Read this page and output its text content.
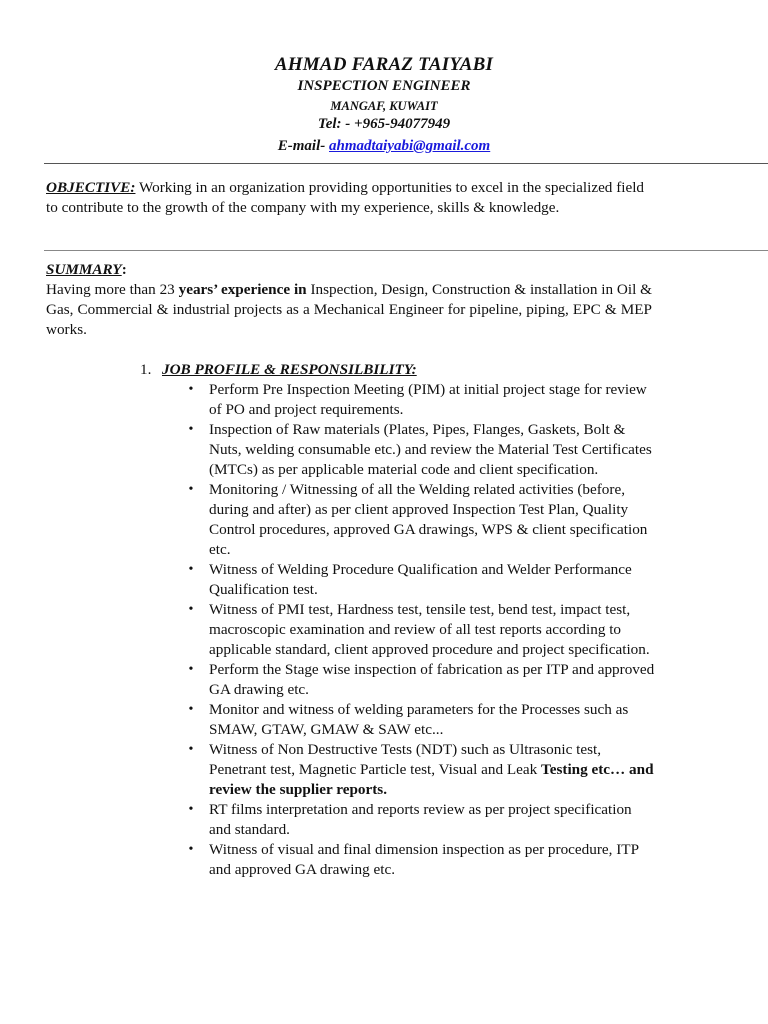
AHMAD FARAZ TAIYABI
INSPECTION ENGINEER
MANGAF, KUWAIT
Tel: - +965-94077949
E-mail- ahmadtaiyabi@gmail.com
OBJECTIVE: Working in an organization providing opportunities to excel in the specialized field to contribute to the growth of the company with my experience, skills & knowledge.
SUMMARY:
Having more than 23 years’ experience in Inspection, Design, Construction & installation in Oil & Gas, Commercial & industrial projects as a Mechanical Engineer for pipeline, piping, EPC & MEP works.
1. JOB PROFILE & RESPONSILBILITY:
• Perform Pre Inspection Meeting (PIM) at initial project stage for review of PO and project requirements.
• Inspection of Raw materials (Plates, Pipes, Flanges, Gaskets, Bolt & Nuts, welding consumable etc.) and review the Material Test Certificates (MTCs) as per applicable material code and client specification.
• Monitoring / Witnessing of all the Welding related activities (before, during and after) as per client approved Inspection Test Plan, Quality Control procedures, approved GA drawings, WPS & client specification etc.
• Witness of Welding Procedure Qualification and Welder Performance Qualification test.
• Witness of PMI test, Hardness test, tensile test, bend test, impact test, macroscopic examination and review of all test reports according to applicable standard, client approved procedure and project specification.
• Perform the Stage wise inspection of fabrication as per ITP and approved GA drawing etc.
• Monitor and witness of welding parameters for the Processes such as SMAW, GTAW, GMAW & SAW etc...
• Witness of Non Destructive Tests (NDT) such as Ultrasonic test, Penetrant test, Magnetic Particle test, Visual and Leak Testing etc… and review the supplier reports.
• RT films interpretation and reports review as per project specification and standard.
• Witness of visual and final dimension inspection as per procedure, ITP and approved GA drawing etc.
